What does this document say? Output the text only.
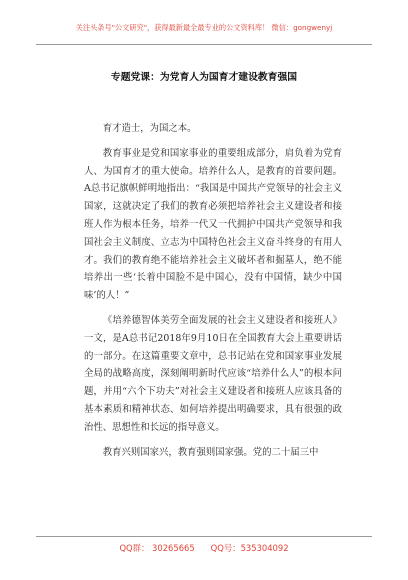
关注头条号"公文研究"，获得最新最全最专业的公文资料库！ 微信：gongwenyj
专题党课：为党育人为国育才建设教育强国

育才造士，为国之本。

教育事业是党和国家事业的重要组成部分，肩负着为党育人、为国育才的重大使命。培养什么人，是教育的首要问题。A总书记旗帜鲜明地指出：“我国是中国共产党领导的社会主义国家，这就决定了我们的教育必须把培养社会主义建设者和接班人作为根本任务，培养一代又一代拥护中国共产党领导和我国社会主义制度、立志为中国特色社会主义奋斗终身的有用人才。我们的教育绝不能培养社会主义破坏者和掘墓人，绝不能培养出一些‘长着中国脸不是中国心，没有中国情，缺少中国味’的人！”

《培养德智体美劳全面发展的社会主义建设者和接班人》一文，是A总书记2018年9月10日在全国教育大会上重要讲话的一部分。在这篇重要文章中，总书记站在党和国家事业发展全局的战略高度，深刻阐明新时代应该“培养什么人”的根本问题，并用“六个下功夫”对社会主义建设者和接班人应该具备的基本素质和精神状态、如何培养提出明确要求，具有很强的政治性、思想性和长远的指导意义。

教育兴则国家兴，教育强则国家强。党的二十届三中

QQ群： 30265665      QQ号：535304092
